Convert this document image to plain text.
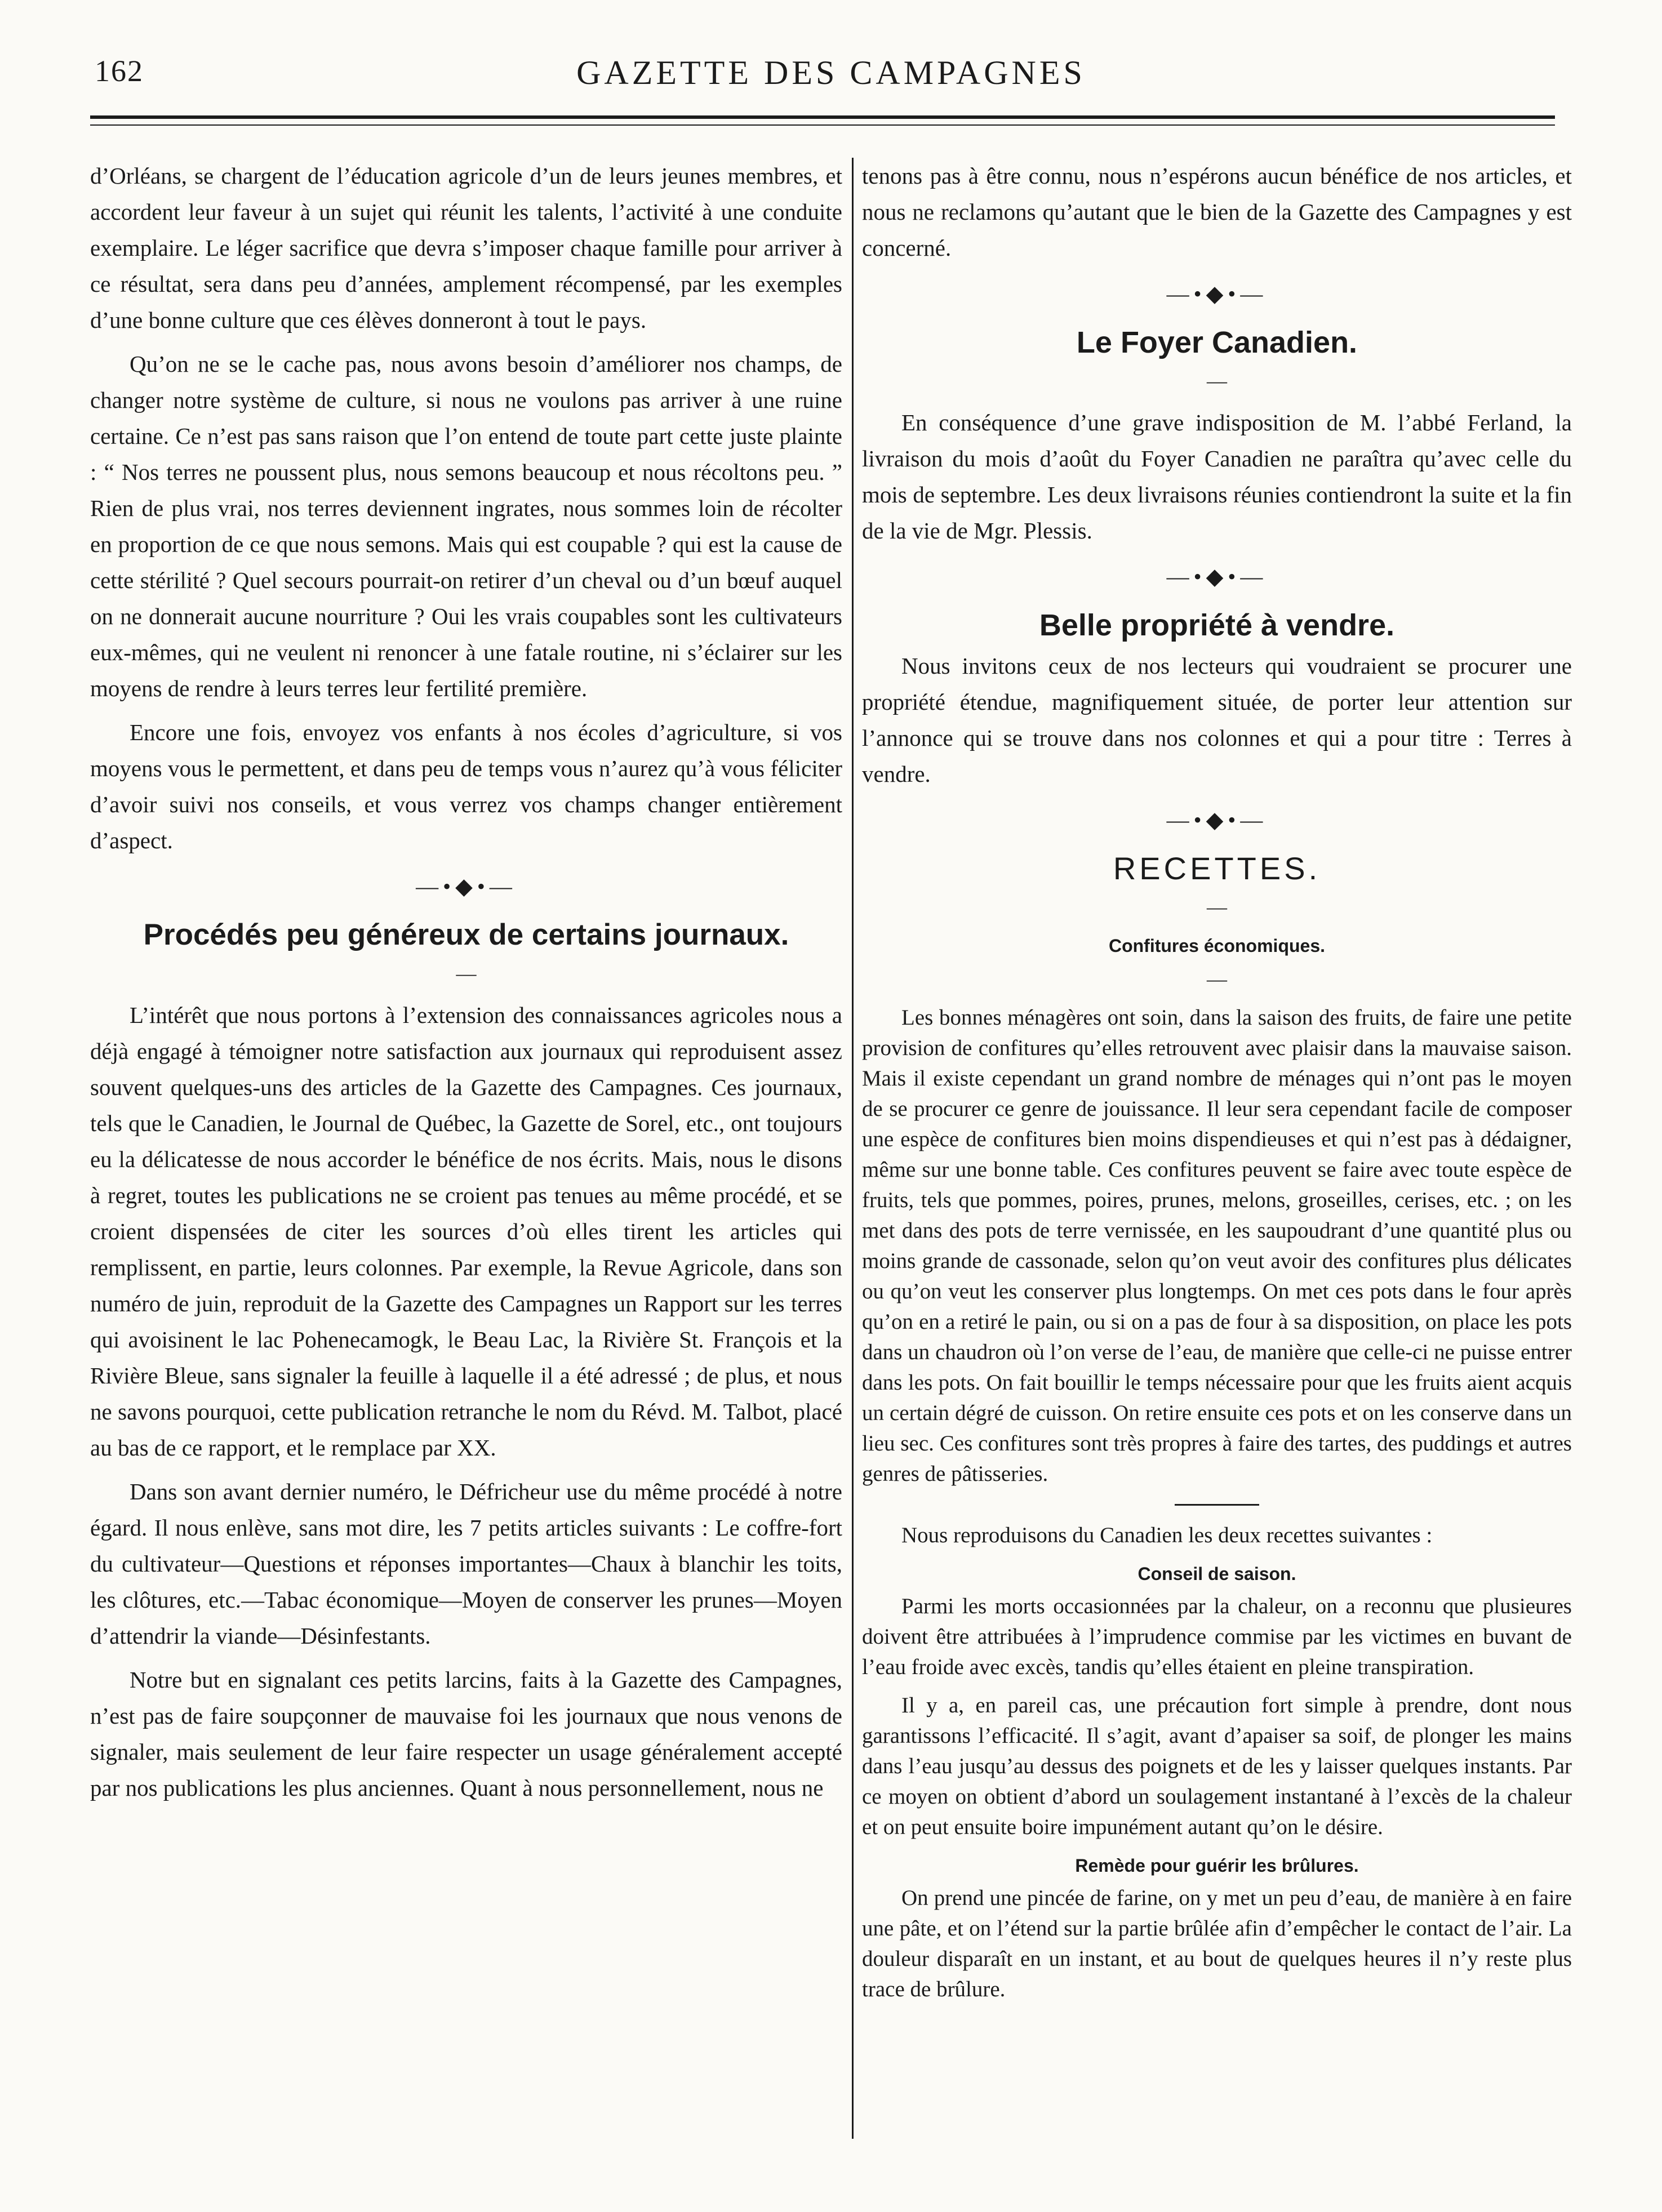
162	GAZETTE DES CAMPAGNES

d’Orléans, se chargent de l’éducation agricole d’un de leurs jeunes membres, et accordent leur faveur à un sujet qui réunit les talents, l’activité à une conduite exemplaire. Le léger sacrifice que devra s’imposer chaque famille pour arriver à ce résultat, sera dans peu d’années, amplement récompensé, par les exemples d’une bonne culture que ces élèves donneront à tout le pays.

Qu’on ne se le cache pas, nous avons besoin d’améliorer nos champs, de changer notre système de culture, si nous ne voulons pas arriver à une ruine certaine. Ce n’est pas sans raison que l’on entend de toute part cette juste plainte : “ Nos terres ne poussent plus, nous semons beaucoup et nous récoltons peu. ” Rien de plus vrai, nos terres deviennent ingrates, nous sommes loin de récolter en proportion de ce que nous semons. Mais qui est coupable ? qui est la cause de cette stérilité ? Quel secours pourrait-on retirer d’un cheval ou d’un bœuf auquel on ne donnerait aucune nourriture ? Oui les vrais coupables sont les cultivateurs eux-mêmes, qui ne veulent ni renoncer à une fatale routine, ni s’éclairer sur les moyens de rendre à leurs terres leur fertilité première.

Encore une fois, envoyez vos enfants à nos écoles d’agriculture, si vos moyens vous le permettent, et dans peu de temps vous n’aurez qu’à vous féliciter d’avoir suivi nos conseils, et vous verrez vos champs changer entièrement d’aspect.

—•◆•—
Procédés peu généreux de certains journaux.
—

L’intérêt que nous portons à l’extension des connaissances agricoles nous a déjà engagé à témoigner notre satisfaction aux journaux qui reproduisent assez souvent quelques-uns des articles de la Gazette des Campagnes. Ces journaux, tels que le Canadien, le Journal de Québec, la Gazette de Sorel, etc., ont toujours eu la délicatesse de nous accorder le bénéfice de nos écrits. Mais, nous le disons à regret, toutes les publications ne se croient pas tenues au même procédé, et se croient dispensées de citer les sources d’où elles tirent les articles qui remplissent, en partie, leurs colonnes. Par exemple, la Revue Agricole, dans son numéro de juin, reproduit de la Gazette des Campagnes un Rapport sur les terres qui avoisinent le lac Pohenecamogk, le Beau Lac, la Rivière St. François et la Rivière Bleue, sans signaler la feuille à laquelle il a été adressé ; de plus, et nous ne savons pourquoi, cette publication retranche le nom du Révd. M. Talbot, placé au bas de ce rapport, et le remplace par XX.

Dans son avant dernier numéro, le Défricheur use du même procédé à notre égard. Il nous enlève, sans mot dire, les 7 petits articles suivants : Le coffre-fort du cultivateur—Questions et réponses importantes—Chaux à blanchir les toits, les clôtures, etc.—Tabac économique—Moyen de conserver les prunes—Moyen d’attendrir la viande—Désinfestants.

Notre but en signalant ces petits larcins, faits à la Gazette des Campagnes, n’est pas de faire soupçonner de mauvaise foi les journaux que nous venons de signaler, mais seulement de leur faire respecter un usage généralement accepté par nos publications les plus anciennes. Quant à nous personnellement, nous ne

tenons pas à être connu, nous n’espérons aucun bénéfice de nos articles, et nous ne reclamons qu’autant que le bien de la Gazette des Campagnes y est concerné.

—•◆•—
Le Foyer Canadien.
—

En conséquence d’une grave indisposition de M. l’abbé Ferland, la livraison du mois d’août du Foyer Canadien ne paraîtra qu’avec celle du mois de septembre. Les deux livraisons réunies contiendront la suite et la fin de la vie de Mgr. Plessis.

—•◆•—
Belle propriété à vendre.

Nous invitons ceux de nos lecteurs qui voudraient se procurer une propriété étendue, magnifiquement située, de porter leur attention sur l’annonce qui se trouve dans nos colonnes et qui a pour titre : Terres à vendre.

—•◆•—
RECETTES.
—
Confitures économiques.
—

Les bonnes ménagères ont soin, dans la saison des fruits, de faire une petite provision de confitures qu’elles retrouvent avec plaisir dans la mauvaise saison. Mais il existe cependant un grand nombre de ménages qui n’ont pas le moyen de se procurer ce genre de jouissance. Il leur sera cependant facile de composer une espèce de confitures bien moins dispendieuses et qui n’est pas à dédaigner, même sur une bonne table. Ces confitures peuvent se faire avec toute espèce de fruits, tels que pommes, poires, prunes, melons, groseilles, cerises, etc. ; on les met dans des pots de terre vernissée, en les saupoudrant d’une quantité plus ou moins grande de cassonade, selon qu’on veut avoir des confitures plus délicates ou qu’on veut les conserver plus longtemps. On met ces pots dans le four après qu’on en a retiré le pain, ou si on a pas de four à sa disposition, on place les pots dans un chaudron où l’on verse de l’eau, de manière que celle-ci ne puisse entrer dans les pots. On fait bouillir le temps nécessaire pour que les fruits aient acquis un certain dégré de cuisson. On retire ensuite ces pots et on les conserve dans un lieu sec. Ces confitures sont très propres à faire des tartes, des puddings et autres genres de pâtisseries.

Nous reproduisons du Canadien les deux recettes suivantes :

Conseil de saison.

Parmi les morts occasionnées par la chaleur, on a reconnu que plusieures doivent être attribuées à l’imprudence commise par les victimes en buvant de l’eau froide avec excès, tandis qu’elles étaient en pleine transpiration.

Il y a, en pareil cas, une précaution fort simple à prendre, dont nous garantissons l’efficacité. Il s’agit, avant d’apaiser sa soif, de plonger les mains dans l’eau jusqu’au dessus des poignets et de les y laisser quelques instants. Par ce moyen on obtient d’abord un soulagement instantané à l’excès de la chaleur et on peut ensuite boire impunément autant qu’on le désire.

Remède pour guérir les brûlures.

On prend une pincée de farine, on y met un peu d’eau, de manière à en faire une pâte, et on l’étend sur la partie brûlée afin d’empêcher le contact de l’air. La douleur disparaît en un instant, et au bout de quelques heures il n’y reste plus trace de brûlure.
